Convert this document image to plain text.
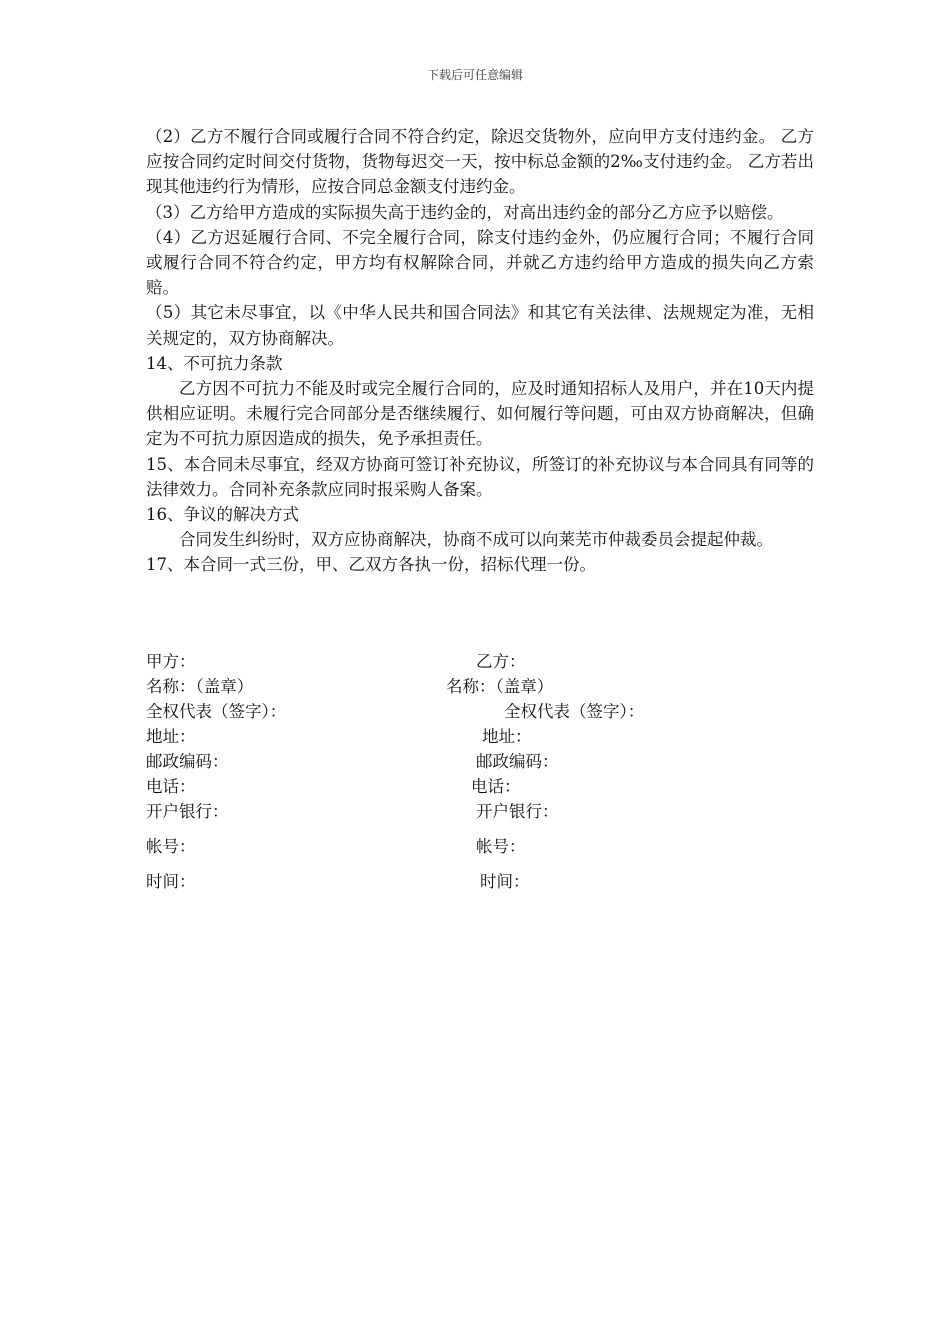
下载后可任意编辑

（2）乙方不履行合同或履行合同不符合约定，除迟交货物外，应向甲方支付违约金。 乙方应按合同约定时间交付货物，货物每迟交一天，按中标总金额的2‰支付违约金。 乙方若出现其他违约行为情形，应按合同总金额支付违约金。

（3）乙方给甲方造成的实际损失高于违约金的，对高出违约金的部分乙方应予以赔偿。

（4）乙方迟延履行合同、不完全履行合同，除支付违约金外，仍应履行合同；不履行合同或履行合同不符合约定，甲方均有权解除合同，并就乙方违约给甲方造成的损失向乙方索赔。

（5）其它未尽事宜，以《中华人民共和国合同法》和其它有关法律、法规规定为准，无相关规定的，双方协商解决。

14、不可抗力条款

乙方因不可抗力不能及时或完全履行合同的，应及时通知招标人及用户，并在10天内提供相应证明。未履行完合同部分是否继续履行、如何履行等问题，可由双方协商解决，但确定为不可抗力原因造成的损失，免予承担责任。

15、本合同未尽事宜，经双方协商可签订补充协议，所签订的补充协议与本合同具有同等的法律效力。合同补充条款应同时报采购人备案。

16、争议的解决方式

合同发生纠纷时，双方应协商解决，协商不成可以向莱芜市仲裁委员会提起仲裁。

17、本合同一式三份，甲、乙双方各执一份，招标代理一份。

甲方：	乙方：
名称：（盖章）	名称：（盖章）
全权代表（签字）：	全权代表（签字）：
地址：	地址：
邮政编码：	邮政编码：
电话：	电话：
开户银行：	开户银行：
帐号：	帐号：
时间：	时间：
